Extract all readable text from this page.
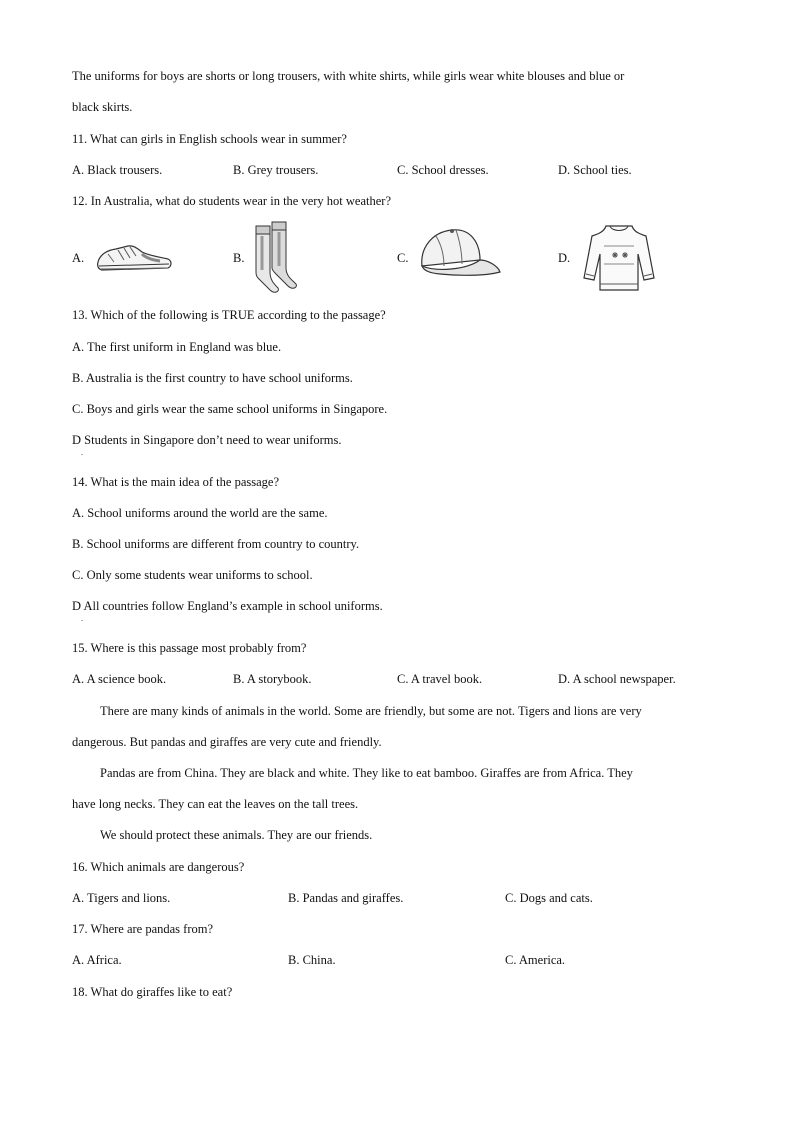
The uniforms for boys are shorts or long trousers, with white shirts, while girls wear white blouses and blue or
black skirts.
11. What can girls in English schools wear in summer?
A. Black trousers.	B. Grey trousers.	C. School dresses.	D. School ties.
12. In Australia, what do students wear in the very hot weather?
A.	B.	C.	D.
13. Which of the following is TRUE according to the passage?
A. The first uniform in England was blue.
B. Australia is the first country to have school uniforms.
C. Boys and girls wear the same school uniforms in Singapore.
D Students in Singapore don’t need to wear uniforms.
.
14. What is the main idea of the passage?
A. School uniforms around the world are the same.
B. School uniforms are different from country to country.
C. Only some students wear uniforms to school.
D All countries follow England’s example in school uniforms.
.
15. Where is this passage most probably from?
A. A science book.	B. A storybook.	C. A travel book.	D. A school newspaper.
There are many kinds of animals in the world. Some are friendly, but some are not. Tigers and lions are very
dangerous. But pandas and giraffes are very cute and friendly.
Pandas are from China. They are black and white. They like to eat bamboo. Giraffes are from Africa. They
have long necks. They can eat the leaves on the tall trees.
We should protect these animals. They are our friends.
16. Which animals are dangerous?
A. Tigers and lions.	B. Pandas and giraffes.	C. Dogs and cats.
17. Where are pandas from?
A. Africa.	B. China.	C. America.
18. What do giraffes like to eat?
